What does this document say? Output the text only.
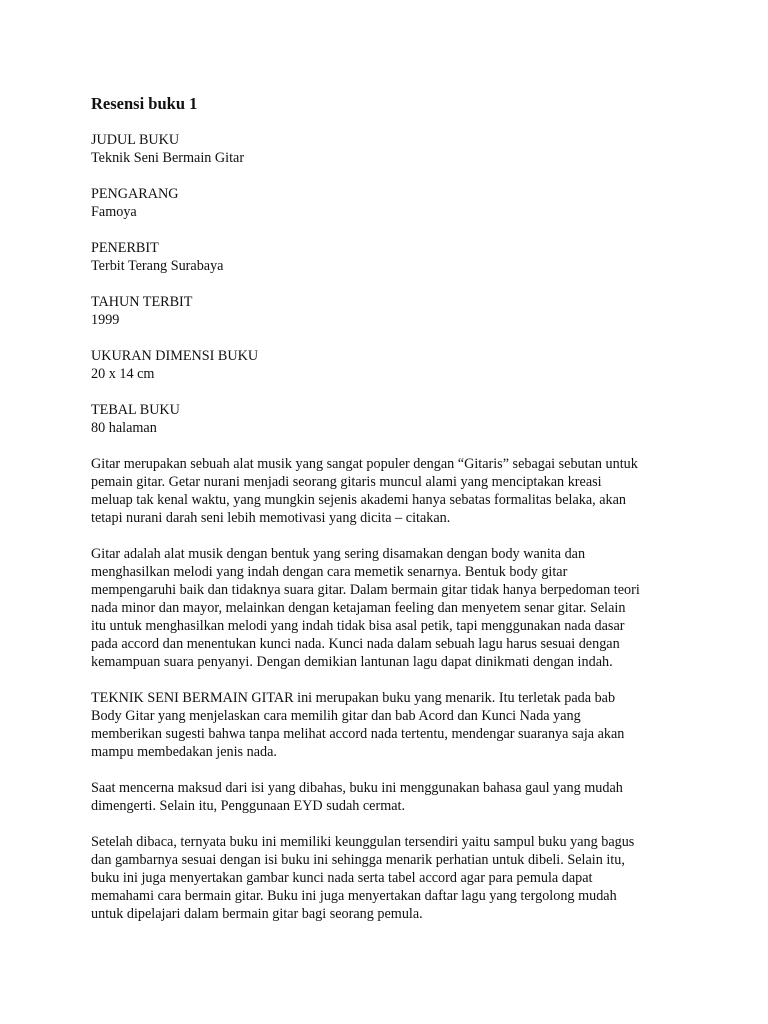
Resensi buku 1
JUDUL BUKU
Teknik Seni Bermain Gitar
PENGARANG
Famoya
PENERBIT
Terbit Terang Surabaya
TAHUN TERBIT
1999
UKURAN DIMENSI BUKU
20 x 14 cm
TEBAL BUKU
80 halaman

Gitar merupakan sebuah alat musik yang sangat populer dengan “Gitaris” sebagai sebutan untuk
pemain gitar. Getar nurani menjadi seorang gitaris muncul alami yang menciptakan kreasi
meluap tak kenal waktu, yang mungkin sejenis akademi hanya sebatas formalitas belaka, akan
tetapi nurani darah seni lebih memotivasi yang dicita – citakan.

Gitar adalah alat musik dengan bentuk yang sering disamakan dengan body wanita dan
menghasilkan melodi yang indah dengan cara memetik senarnya. Bentuk body gitar
mempengaruhi baik dan tidaknya suara gitar. Dalam bermain gitar tidak hanya berpedoman teori
nada minor dan mayor, melainkan dengan ketajaman feeling dan menyetem senar gitar. Selain
itu untuk menghasilkan melodi yang indah tidak bisa asal petik, tapi menggunakan nada dasar
pada accord dan menentukan kunci nada. Kunci nada dalam sebuah lagu harus sesuai dengan
kemampuan suara penyanyi. Dengan demikian lantunan lagu dapat dinikmati dengan indah.

TEKNIK SENI BERMAIN GITAR ini merupakan buku yang menarik. Itu terletak pada bab
Body Gitar yang menjelaskan cara memilih gitar dan bab Acord dan Kunci Nada yang
memberikan sugesti bahwa tanpa melihat accord nada tertentu, mendengar suaranya saja akan
mampu membedakan jenis nada.

Saat mencerna maksud dari isi yang dibahas, buku ini menggunakan bahasa gaul yang mudah
dimengerti. Selain itu, Penggunaan EYD sudah cermat.

Setelah dibaca, ternyata buku ini memiliki keunggulan tersendiri yaitu sampul buku yang bagus
dan gambarnya sesuai dengan isi buku ini sehingga menarik perhatian untuk dibeli. Selain itu,
buku ini juga menyertakan gambar kunci nada serta tabel accord agar para pemula dapat
memahami cara bermain gitar. Buku ini juga menyertakan daftar lagu yang tergolong mudah
untuk dipelajari dalam bermain gitar bagi seorang pemula.
